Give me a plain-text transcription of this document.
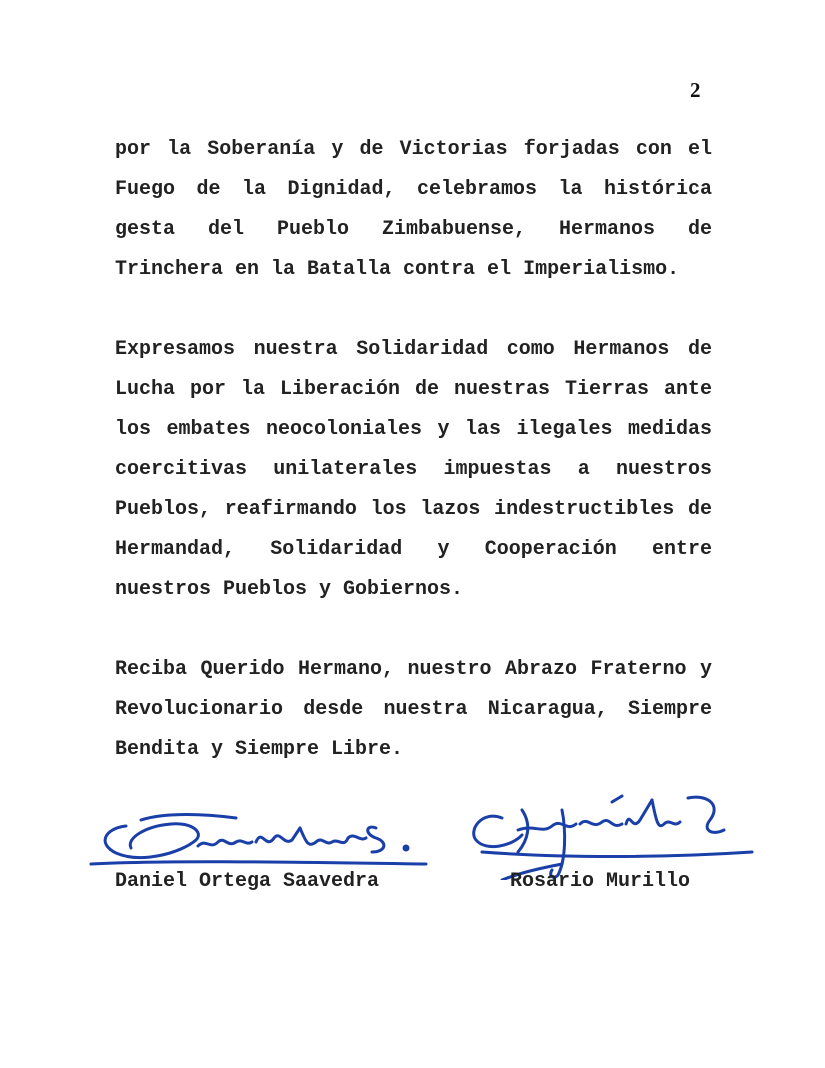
2

por la Soberanía y de Victorias forjadas con el Fuego de la Dignidad, celebramos la histórica gesta del Pueblo Zimbabuense, Hermanos de Trinchera en la Batalla contra el Imperialismo.

Expresamos nuestra Solidaridad como Hermanos de Lucha por la Liberación de nuestras Tierras ante los embates neocoloniales y las ilegales medidas coercitivas unilaterales impuestas a nuestros Pueblos, reafirmando los lazos indestructibles de Hermandad, Solidaridad y Cooperación entre nuestros Pueblos y Gobiernos.

Reciba Querido Hermano, nuestro Abrazo Fraterno y Revolucionario desde nuestra Nicaragua, Siempre Bendita y Siempre Libre.

Daniel Ortega Saavedra	Rosario Murillo
